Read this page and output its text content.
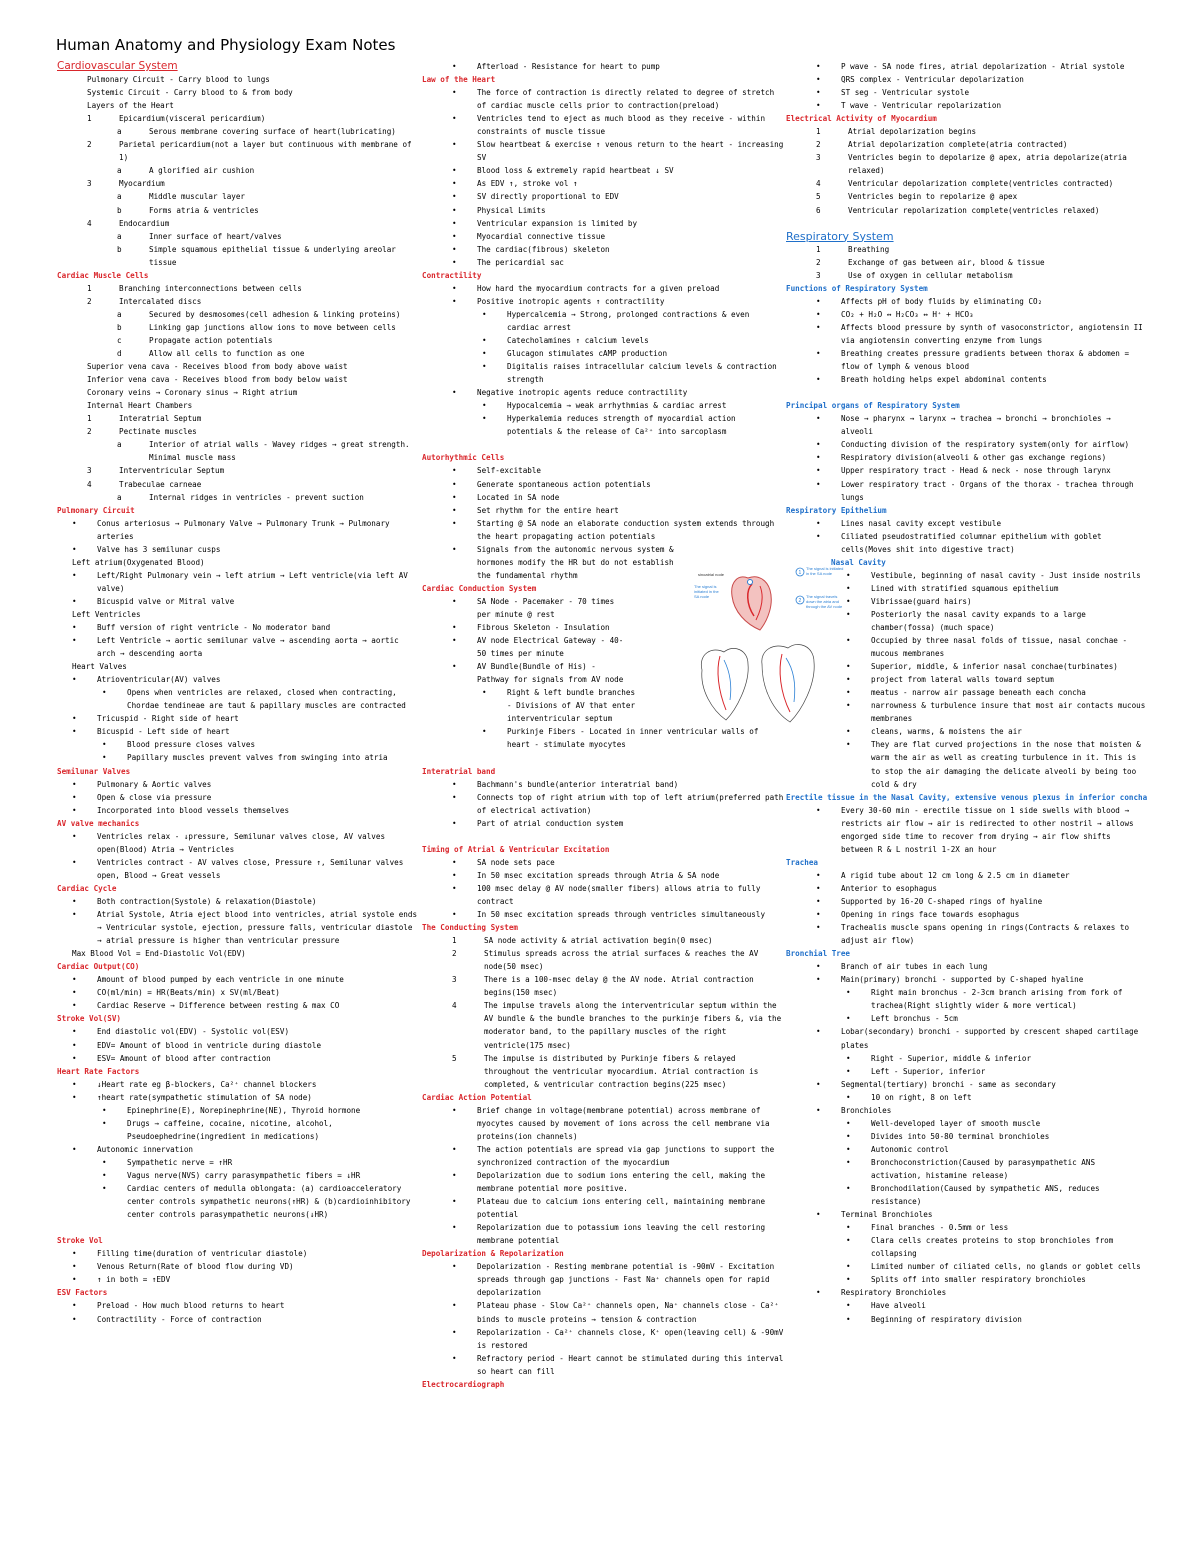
Human Anatomy and Physiology Exam Notes
Cardiovascular System
Pulmonary Circuit - Carry blood to lungs
Systemic Circuit - Carry blood to & from body
Layers of the Heart
1	Epicardium(visceral pericardium)
a	Serous membrane covering surface of heart(lubricating)
2	Parietal pericardium(not a layer but continuous with membrane of 1)
a	A glorified air cushion
3	Myocardium
a	Middle muscular layer
b	Forms atria & ventricles
4	Endocardium
a	Inner surface of heart/valves
b	Simple squamous epithelial tissue & underlying areolar tissue
Cardiac Muscle Cells
1	Branching interconnections between cells
2	Intercalated discs
a	Secured by desmosomes(cell adhesion & linking proteins)
b	Linking gap junctions allow ions to move between cells
c	Propagate action potentials
d	Allow all cells to function as one
Superior vena cava - Receives blood from body above waist
Inferior vena cava - Receives blood from body below waist
Coronary veins → Coronary sinus → Right atrium
Internal Heart Chambers
1	Interatrial Septum
2	Pectinate muscles
a	Interior of atrial walls - Wavey ridges → great strength. Minimal muscle mass
3	Interventricular Septum
4	Trabeculae carneae
a	Internal ridges in ventricles - prevent suction
Pulmonary Circuit
•	Conus arteriosus → Pulmonary Valve → Pulmonary Trunk → Pulmonary arteries
•	Valve has 3 semilunar cusps
Left atrium(Oxygenated Blood)
•	Left/Right Pulmonary vein → left atrium → Left ventricle(via left AV valve)
•	Bicuspid valve or Mitral valve
Left Ventricles
•	Buff version of right ventricle - No moderator band
•	Left Ventricle → aortic semilunar valve → ascending aorta → aortic arch → descending aorta
Heart Valves
•	Atrioventricular(AV) valves
•	Opens when ventricles are relaxed, closed when contracting, Chordae tendineae are taut & papillary muscles are contracted
•	Tricuspid - Right side of heart
•	Bicuspid - Left side of heart
•	Blood pressure closes valves
•	Papillary muscles prevent valves from swinging into atria
Semilunar Valves
•	Pulmonary & Aortic valves
•	Open & close via pressure
•	Incorporated into blood vessels themselves
AV valve mechanics
•	Ventricles relax - ↓pressure, Semilunar valves close, AV valves open(Blood) Atria → Ventricles
•	Ventricles contract - AV valves close, Pressure ↑, Semilunar valves open, Blood → Great vessels
Cardiac Cycle
•	Both contraction(Systole) & relaxation(Diastole)
•	Atrial Systole, Atria eject blood into ventricles, atrial systole ends → Ventricular systole, ejection, pressure falls, ventricular diastole → atrial pressure is higher than ventricular pressure
Max Blood Vol = End-Diastolic Vol(EDV)
Cardiac Output(CO)
•	Amount of blood pumped by each ventricle in one minute
•	CO(ml/min) = HR(Beats/min) x SV(ml/Beat)
•	Cardiac Reserve → Difference between resting & max CO
Stroke Vol(SV)
•	End diastolic vol(EDV) - Systolic vol(ESV)
•	EDV= Amount of blood in ventricle during diastole
•	ESV= Amount of blood after contraction
Heart Rate Factors
•	↓Heart rate eg β-blockers, Ca²⁺ channel blockers
•	↑heart rate(sympathetic stimulation of SA node)
•	Epinephrine(E), Norepinephrine(NE), Thyroid hormone
•	Drugs → caffeine, cocaine, nicotine, alcohol, Pseudoephedrine(ingredient in medications)
•	Autonomic innervation
•	Sympathetic nerve = ↑HR
•	Vagus nerve(NVS) carry parasympathetic fibers = ↓HR
•	Cardiac centers of medulla oblongata: (a) cardioacceleratory center controls sympathetic neurons(↑HR) & (b)cardioinhibitory center controls parasympathetic neurons(↓HR)
Stroke Vol
•	Filling time(duration of ventricular diastole)
•	Venous Return(Rate of blood flow during VD)
•	↑ in both = ↑EDV
ESV Factors
•	Preload - How much blood returns to heart
•	Contractility - Force of contraction
•	Afterload - Resistance for heart to pump
Law of the Heart
•	The force of contraction is directly related to degree of stretch of cardiac muscle cells prior to contraction(preload)
•	Ventricles tend to eject as much blood as they receive - within constraints of muscle tissue
•	Slow heartbeat & exercise ↑ venous return to the heart - increasing SV
•	Blood loss & extremely rapid heartbeat ↓ SV
•	As EDV ↑, stroke vol ↑
•	SV directly proportional to EDV
•	Physical Limits
•	Ventricular expansion is limited by
•	Myocardial connective tissue
•	The cardiac(fibrous) skeleton
•	The pericardial sac
Contractility
•	How hard the myocardium contracts for a given preload
•	Positive inotropic agents ↑ contractility
•	Hypercalcemia → Strong, prolonged contractions & even cardiac arrest
•	Catecholamines ↑ calcium levels
•	Glucagon stimulates cAMP production
•	Digitalis raises intracellular calcium levels & contraction strength
•	Negative inotropic agents reduce contractility
•	Hypocalcemia → weak arrhythmias & cardiac arrest
•	Hyperkalemia reduces strength of myocardial action potentials & the release of Ca²⁺ into sarcoplasm
Autorhythmic Cells
•	Self-excitable
•	Generate spontaneous action potentials
•	Located in SA node
•	Set rhythm for the entire heart
•	Starting @ SA node an elaborate conduction system extends through the heart propagating action potentials
•	Signals from the autonomic nervous system & hormones modify the HR but do not establish the fundamental rhythm
Cardiac Conduction System
•	SA Node - Pacemaker - 70 times per minute @ rest
•	Fibrous Skeleton - Insulation
•	AV node Electrical Gateway - 40-50 times per minute
•	AV Bundle(Bundle of His) - Pathway for signals from AV node
•	Right & left bundle branches - Divisions of AV that enter interventricular septum
•	Purkinje Fibers - Located in inner ventricular walls of heart - stimulate myocytes
Interatrial band
•	Bachmann's bundle(anterior interatrial band)
•	Connects top of right atrium with top of left atrium(preferred path of electrical activation)
•	Part of atrial conduction system
Timing of Atrial & Ventricular Excitation
•	SA node sets pace
•	In 50 msec excitation spreads through Atria & SA node
•	100 msec delay @ AV node(smaller fibers) allows atria to fully contract
•	In 50 msec excitation spreads through ventricles simultaneously
The Conducting System
1	SA node activity & atrial activation begin(0 msec)
2	Stimulus spreads across the atrial surfaces & reaches the AV node(50 msec)
3	There is a 100-msec delay @ the AV node. Atrial contraction begins(150 msec)
4	The impulse travels along the interventricular septum within the AV bundle & the bundle branches to the purkinje fibers &, via the moderator band, to the papillary muscles of the right ventricle(175 msec)
5	The impulse is distributed by Purkinje fibers & relayed throughout the ventricular myocardium. Atrial contraction is completed, & ventricular contraction begins(225 msec)
Cardiac Action Potential
•	Brief change in voltage(membrane potential) across membrane of myocytes caused by movement of ions across the cell membrane via proteins(ion channels)
•	The action potentials are spread via gap junctions to support the synchronized contraction of the myocardium
•	Depolarization due to sodium ions entering the cell, making the membrane potential more positive.
•	Plateau due to calcium ions entering cell, maintaining membrane potential
•	Repolarization due to potassium ions leaving the cell restoring membrane potential
Depolarization & Repolarization
•	Depolarization - Resting membrane potential is -90mV - Excitation spreads through gap junctions - Fast Na⁺ channels open for rapid depolarization
•	Plateau phase - Slow Ca²⁺ channels open, Na⁺ channels close - Ca²⁺ binds to muscle proteins → tension & contraction
•	Repolarization - Ca²⁺ channels close, K⁺ open(leaving cell) & -90mV is restored
•	Refractory period - Heart cannot be stimulated during this interval so heart can fill
Electrocardiograph
•	P wave - SA node fires, atrial depolarization - Atrial systole
•	QRS complex - Ventricular depolarization
•	ST seg - Ventricular systole
•	T wave - Ventricular repolarization
Electrical Activity of Myocardium
1	Atrial depolarization begins
2	Atrial depolarization complete(atria contracted)
3	Ventricles begin to depolarize @ apex, atria depolarize(atria relaxed)
4	Ventricular depolarization complete(ventricles contracted)
5	Ventricles begin to repolarize @ apex
6	Ventricular repolarization complete(ventricles relaxed)
Respiratory System
1	Breathing
2	Exchange of gas between air, blood & tissue
3	Use of oxygen in cellular metabolism
Functions of Respiratory System
•	Affects pH of body fluids by eliminating CO₂
•	CO₂ + H₂O ↔ H₂CO₃ ↔ H⁺ + HCO₃
•	Affects blood pressure by synth of vasoconstrictor, angiotensin II via angiotensin converting enzyme from lungs
•	Breathing creates pressure gradients between thorax & abdomen = flow of lymph & venous blood
•	Breath holding helps expel abdominal contents
Principal organs of Respiratory System
•	Nose → pharynx → larynx → trachea → bronchi → bronchioles → alveoli
•	Conducting division of the respiratory system(only for airflow)
•	Respiratory division(alveoli & other gas exchange regions)
•	Upper respiratory tract - Head & neck - nose through larynx
•	Lower respiratory tract - Organs of the thorax - trachea through lungs
Respiratory Epithelium
•	Lines nasal cavity except vestibule
•	Ciliated pseudostratified columnar epithelium with goblet cells(Moves shit into digestive tract)
Nasal Cavity
•	Vestibule, beginning of nasal cavity - Just inside nostrils
•	Lined with stratified squamous epithelium
•	Vibrissae(guard hairs)
•	Posteriorly the nasal cavity expands to a large chamber(fossa) (much space)
•	Occupied by three nasal folds of tissue, nasal conchae - mucous membranes
•	Superior, middle, & inferior nasal conchae(turbinates)
•	project from lateral walls toward septum
•	meatus - narrow air passage beneath each concha
•	narrowness & turbulence insure that most air contacts mucous membranes
•	cleans, warms, & moistens the air
•	They are flat curved projections in the nose that moisten & warm the air as well as creating turbulence in it. This is to stop the air damaging the delicate alveoli by being too cold & dry
Erectile tissue in the Nasal Cavity, extensive venous plexus in inferior concha
•	Every 30-60 min - erectile tissue on 1 side swells with blood → restricts air flow → air is redirected to other nostril → allows engorged side time to recover from drying → air flow shifts between R & L nostril 1-2X an hour
Trachea
•	A rigid tube about 12 cm long & 2.5 cm in diameter
•	Anterior to esophagus
•	Supported by 16-20 C-shaped rings of hyaline
•	Opening in rings face towards esophagus
•	Trachealis muscle spans opening in rings(Contracts & relaxes to adjust air flow)
Bronchial Tree
•	Branch of air tubes in each lung
•	Main(primary) bronchi - supported by C-shaped hyaline
•	Right main bronchus - 2-3cm branch arising from fork of trachea(Right slightly wider & more vertical)
•	Left bronchus - 5cm
•	Lobar(secondary) bronchi - supported by crescent shaped cartilage plates
•	Right - Superior, middle & inferior
•	Left - Superior, inferior
•	Segmental(tertiary) bronchi - same as secondary
•	10 on right, 8 on left
•	Bronchioles
•	Well-developed layer of smooth muscle
•	Divides into 50-80 terminal bronchioles
•	Autonomic control
•	Bronchoconstriction(Caused by parasympathetic ANS activation, histamine release)
•	Bronchodilation(Caused by sympathetic ANS, reduces resistance)
•	Terminal Bronchioles
•	Final branches - 0.5mm or less
•	Clara cells creates proteins to stop bronchioles from collapsing
•	Limited number of ciliated cells, no glands or goblet cells
•	Splits off into smaller respiratory bronchioles
•	Respiratory Bronchioles
•	Have alveoli
•	Beginning of respiratory division
sinoatrial node
The signal is initiated in the SA node
1
The signal is initiated in the SA node
2
The signal travels down the atria and through the AV node
